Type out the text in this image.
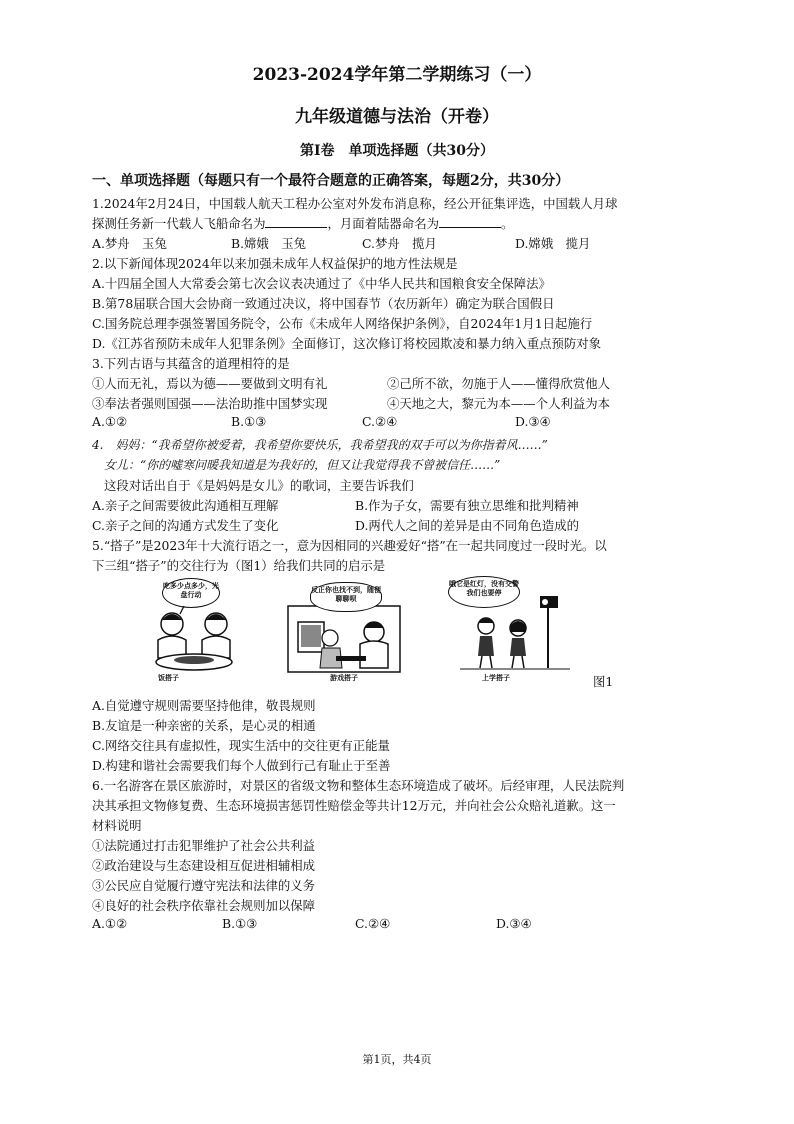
2023-2024学年第二学期练习（一）
九年级道德与法治（开卷）
第Ⅰ卷　单项选择题（共30分）
一、单项选择题（每题只有一个最符合题意的正确答案，每题2分，共30分）
1.2024年2月24日，中国载人航天工程办公室对外发布消息称，经公开征集评选，中国载人月球
探测任务新一代载人飞船命名为	，月面着陆器命名为	。
A.梦舟　玉兔	B.嫦娥　玉兔	C.梦舟　揽月	D.嫦娥　揽月
2.以下新闻体现2024年以来加强未成年人权益保护的地方性法规是
A.十四届全国人大常委会第七次会议表决通过了《中华人民共和国粮食安全保障法》
B.第78届联合国大会协商一致通过决议，将中国春节（农历新年）确定为联合国假日
C.国务院总理李强签署国务院令，公布《未成年人网络保护条例》，自2024年1月1日起施行
D.《江苏省预防未成年人犯罪条例》全面修订，这次修订将校园欺凌和暴力纳入重点预防对象
3.下列古语与其蕴含的道理相符的是
①人而无礼，焉以为德——要做到文明有礼	②己所不欲，勿施于人——懂得欣赏他人
③奉法者强则国强——法治助推中国梦实现	④天地之大，黎元为本——个人利益为本
A.①②	B.①③	C.②④	D.③④
4.　妈妈：“我希望你被爱着，我希望你要快乐，我希望我的双手可以为你指着风……”
女儿：“你的嘘寒问暖我知道是为我好的，但又让我觉得我不曾被信任……”
这段对话出自于《是妈妈是女儿》的歌词，主要告诉我们
A.亲子之间需要彼此沟通相互理解	B.作为子女，需要有独立思维和批判精神
C.亲子之间的沟通方式发生了变化	D.两代人之间的差异是由不同角色造成的
5.“搭子”是2023年十大流行语之一，意为因相同的兴趣爱好“搭”在一起共同度过一段时光。以
下三组“搭子”的交往行为（图1）给我们共同的启示是
吃多少点多少，光盘行动
饭搭子
反正你也找不到，随便聊聊呗
游戏搭子
哦它是红灯，没有交警我们也要停
上学搭子	图1
A.自觉遵守规则需要坚持他律，敬畏规则
B.友谊是一种亲密的关系，是心灵的相通
C.网络交往具有虚拟性，现实生活中的交往更有正能量
D.构建和谐社会需要我们每个人做到行己有耻止于至善
6.一名游客在景区旅游时，对景区的省级文物和整体生态环境造成了破坏。后经审理，人民法院判
决其承担文物修复费、生态环境损害惩罚性赔偿金等共计12万元，并向社会公众赔礼道歉。这一
材料说明
①法院通过打击犯罪维护了社会公共利益
②政治建设与生态建设相互促进相辅相成
③公民应自觉履行遵守宪法和法律的义务
④良好的社会秩序依靠社会规则加以保障
A.①②	B.①③	C.②④	D.③④
第1页，共4页
